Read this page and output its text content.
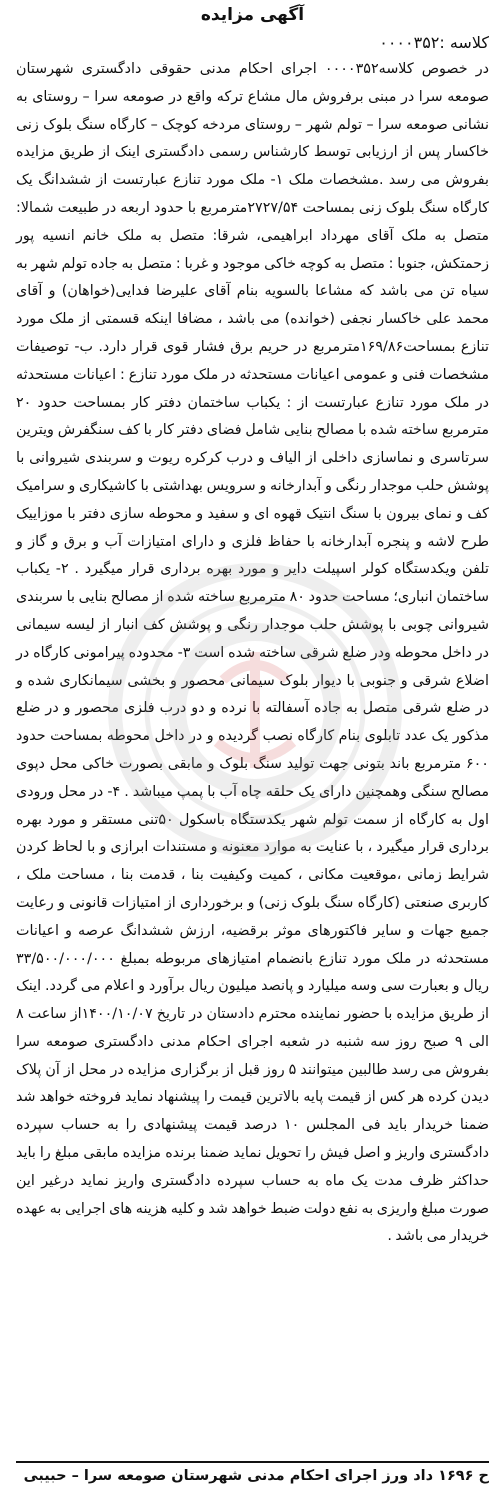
آگهی مزایده
کلاسه :۰۰۰۰۳۵۲

در خصوص کلاسه۰۰۰۰۳۵۲ اجرای احکام مدنی حقوقی دادگستری شهرستان صومعه سرا در مبنی برفروش مال مشاع ترکه واقع در صومعه سرا – روستای به نشانی صومعه سرا – تولم شهر – روستای مردخه کوچک – کارگاه سنگ بلوک زنی خاکسار پس از ارزیابی توسط کارشناس رسمی دادگستری اینک از طریق مزایده بفروش می رسد .مشخصات ملک ۱- ملک مورد تنازع عبارتست از ششدانگ یک کارگاه سنگ بلوک زنی بمساحت ۲۷۲۷/۵۴مترمربع با حدود اربعه در طبیعت شمالا: متصل به ملک آقای مهرداد ابراهیمی، شرقا: متصل به ملک خانم انسیه پور زحمتکش، جنوبا : متصل به کوچه خاکی موجود و غربا : متصل به جاده تولم شهر به سیاه تن می باشد که مشاعا بالسویه بنام آقای علیرضا فدایی(خواهان) و آقای محمد علی خاکسار نجفی (خوانده) می باشد ، مضافا اینکه قسمتی از ملک مورد تنازع بمساحت۱۶۹/۸۶مترمربع در حریم برق فشار قوی قرار دارد. ب- توصیفات مشخصات فنی و عمومی اعیانات مستحدثه در ملک مورد تنازع : اعیانات مستحدثه در ملک مورد تنازع عبارتست از : یکباب ساختمان دفتر کار بمساحت حدود ۲۰ مترمربع ساخته شده با مصالح بنایی شامل فضای دفتر کار با کف سنگفرش ویترین سرتاسری و نماسازی داخلی از الیاف و درب کرکره ریوت و سربندی شیروانی با پوشش حلب موجدار رنگی و آبدارخانه و سرویس بهداشتی با کاشیکاری و سرامیک کف و نمای بیرون با سنگ انتیک قهوه ای و سفید و محوطه سازی دفتر با موزاییک طرح لاشه و پنجره آبدارخانه با حفاظ فلزی و دارای امتیازات آب و برق و گاز و تلفن ویکدستگاه کولر اسپیلت دایر و مورد بهره برداری قرار میگیرد . ۲- یکباب ساختمان انباری؛ مساحت حدود ۸۰ مترمربع ساخته شده از مصالح بنایی با سربندی شیروانی چوبی با پوشش حلب موجدار رنگی و پوشش کف انبار از لیسه سیمانی در داخل محوطه ودر ضلع شرقی ساخته شده است ۳- محدوده پیرامونی کارگاه در اضلاع شرقی و جنوبی با دیوار بلوک سیمانی محصور و بخشی سیمانکاری شده و در ضلع شرقی متصل به جاده آسفالته با نرده و دو درب فلزی محصور و در ضلع مذکور یک عدد تابلوی بنام کارگاه نصب گردیده و در داخل محوطه بمساحت حدود ۶۰۰ مترمربع باند بتونی جهت تولید سنگ بلوک و مابقی بصورت خاکی محل دپوی مصالح سنگی وهمچنین دارای یک حلقه چاه آب با پمپ میباشد . ۴- در محل ورودی اول به کارگاه از سمت تولم شهر یکدستگاه باسکول ۵۰تنی مستقر و مورد بهره برداری قرار میگیرد ، با عنایت به موارد معنونه و مستندات ابرازی و با لحاظ کردن شرایط زمانی ،موقعیت مکانی ، کمیت وکیفیت بنا ، قدمت بنا ، مساحت ملک ، کاربری صنعتی (کارگاه سنگ بلوک زنی) و برخورداری از امتیازات قانونی و رعایت جمیع جهات و سایر فاکتورهای موثر برقضیه، ارزش ششدانگ عرصه و اعیانات مستحدثه در ملک مورد تنازع بانضمام امتیازهای مربوطه بمبلغ ۳۳/۵۰۰/۰۰۰/۰۰۰ ریال و بعبارت سی وسه میلیارد و پانصد میلیون ریال برآورد و اعلام می گردد. اینک از طریق مزایده با حضور نماینده محترم دادستان در تاریخ ۱۴۰۰/۱۰/۰۷از ساعت ۸ الی ۹ صبح روز سه شنبه در شعبه اجرای احکام مدنی دادگستری صومعه سرا بفروش می رسد طالبین میتوانند ۵ روز قبل از برگزاری مزایده در محل از آن پلاک دیدن کرده هر کس از قیمت پایه بالاترین قیمت را پیشنهاد نماید فروخته خواهد شد ضمنا خریدار باید فی المجلس ۱۰ درصد قیمت پیشنهادی را به حساب سپرده دادگستری واریز و اصل فیش را تحویل نماید ضمنا برنده مزایده مابقی مبلغ را باید حداکثر ظرف مدت یک ماه به حساب سپرده دادگستری واریز نماید درغیر این صورت مبلغ واریزی به نفع دولت ضبط خواهد شد و کلیه هزینه های اجرایی به عهده خریدار می باشد .

ح ۱۶۹۶ داد ورز اجرای احکام مدنی شهرستان صومعه سرا – حبیبی
